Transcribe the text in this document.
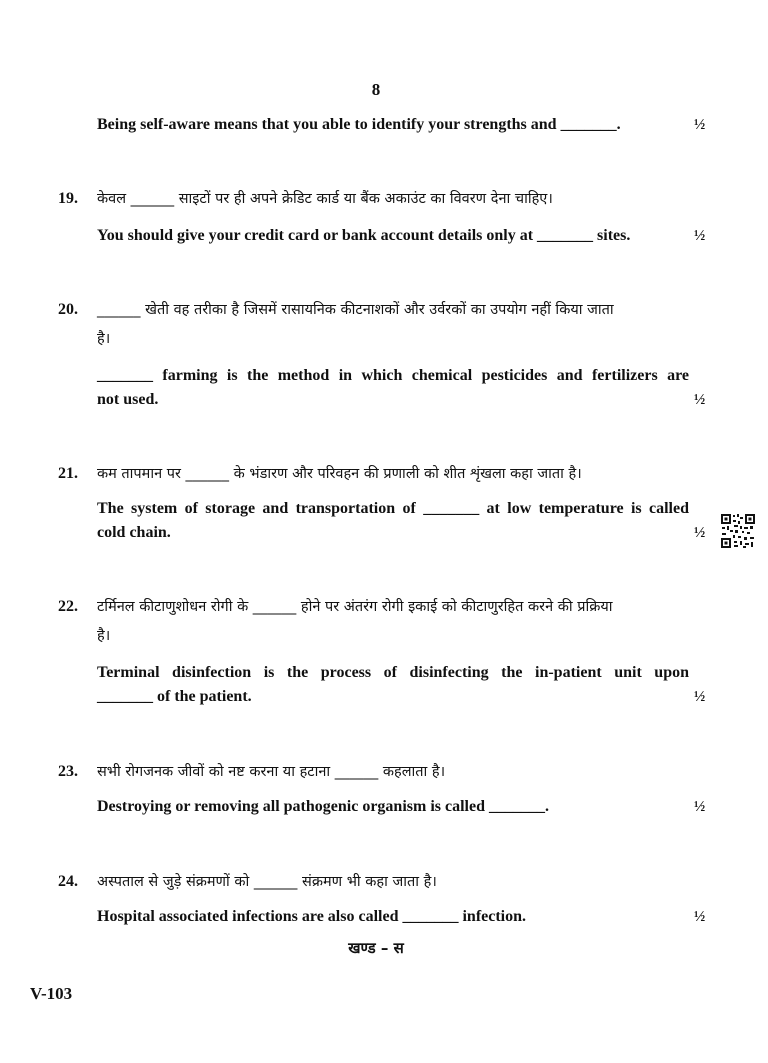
8
Being self-aware means that you able to identify your strengths and _______.	½
19. केवल ______ साइटों पर ही अपने क्रेडिट कार्ड या बैंक अकाउंट का विवरण देना चाहिए।
You should give your credit card or bank account details only at _______ sites.	½
20. ______ खेती वह तरीका है जिसमें रासायनिक कीटनाशकों और उर्वरकों का उपयोग नहीं किया जाता
है।
_______ farming is the method in which chemical pesticides and fertilizers are
not used.	½
21. कम तापमान पर ______ के भंडारण और परिवहन की प्रणाली को शीत शृंखला कहा जाता है।
The system of storage and transportation of _______ at low temperature is called
cold chain.	½
22. टर्मिनल कीटाणुशोधन रोगी के ______ होने पर अंतरंग रोगी इकाई को कीटाणुरहित करने की प्रक्रिया
है।
Terminal disinfection is the process of disinfecting the in-patient unit upon
_______ of the patient.	½
23. सभी रोगजनक जीवों को नष्ट करना या हटाना ______ कहलाता है।
Destroying or removing all pathogenic organism is called _______.	½
24. अस्पताल से जुड़े संक्रमणों को ______ संक्रमण भी कहा जाता है।
Hospital associated infections are also called _______ infection.	½
खण्ड – स
V-103
